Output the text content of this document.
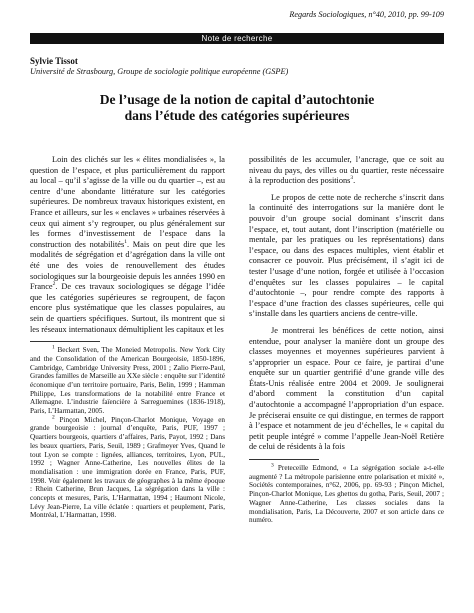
Regards Sociologiques, n°40, 2010, pp. 99-109
Note de recherche
Sylvie Tissot
Université de Strasbourg, Groupe de sociologie politique européenne (GSPE)
De l’usage de la notion de capital d’autochtonie
dans l’étude des catégories supérieures

Loin des clichés sur les « élites mondialisées », la question de l’espace, et plus particulièrement du rapport au local – qu’il s’agisse de la ville ou du quartier –, est au centre d’une abondante littérature sur les catégories supérieures. De nombreux travaux historiques existent, en France et ailleurs, sur les « enclaves » urbaines réservées à ceux qui aiment s’y regrouper, ou plus généralement sur les formes d’investissement de l’espace dans la construction des notabilités$^1$. Mais on peut dire que les modalités de ségrégation et d’agrégation dans la ville ont été une des voies de renouvellement des études sociologiques sur la bourgeoisie depuis les années 1990 en France$^2$. De ces travaux sociologiques se dégage l’idée que les catégories supérieures se regroupent, de façon encore plus systématique que les classes populaires, au sein de quartiers spécifiques. Surtout, ils montrent que si les réseaux internationaux démultiplient les capitaux et les

$^1$ Beckert Sven, The Moneied Metropolis. New York City and the Consolidation of the American Bourgeoisie, 1850-1896, Cambridge, Cambridge University Press, 2001 ; Zalio Pierre-Paul, Grandes familles de Marseille au XXe siècle : enquête sur l’identité économique d’un territoire portuaire, Paris, Belin, 1999 ; Hamman Philippe, Les transformations de la notabilité entre France et Allemagne. L’industrie faïencière à Sarreguemines (1836-1918), Paris, L’Harmattan, 2005.

$^2$ Pinçon Michel, Pinçon-Charlot Monique, Voyage en grande bourgeoisie : journal d’enquête, Paris, PUF, 1997 ; Quartiers bourgeois, quartiers d’affaires, Paris, Payot, 1992 ; Dans les beaux quartiers, Paris, Seuil, 1989 ; Grafmeyer Yves, Quand le tout Lyon se compte : lignées, alliances, territoires, Lyon, PUL, 1992 ; Wagner Anne-Catherine, Les nouvelles élites de la mondialisation : une immigration dorée en France, Paris, PUF, 1998. Voir également les travaux de géographes à la même époque : Rhein Catherine, Brun Jacques, La ségrégation dans la ville : concepts et mesures, Paris, L’Harmattan, 1994 ; Haumont Nicole, Lévy Jean-Pierre, La ville éclatée : quartiers et peuplement, Paris, Montréal, L’Harmattan, 1998.

possibilités de les accumuler, l’ancrage, que ce soit au niveau du pays, des villes ou du quartier, reste nécessaire à la reproduction des positions$^3$.

Le propos de cette note de recherche s’inscrit dans la continuité des interrogations sur la manière dont le pouvoir d’un groupe social dominant s’inscrit dans l’espace, et, tout autant, dont l’inscription (matérielle ou mentale, par les pratiques ou les représentations) dans l’espace, ou dans des espaces multiples, vient établir et consacrer ce pouvoir. Plus précisément, il s’agit ici de tester l’usage d’une notion, forgée et utilisée à l’occasion d’enquêtes sur les classes populaires – le capital d’autochtonie –, pour rendre compte des rapports à l’espace d’une fraction des classes supérieures, celle qui s’installe dans les quartiers anciens de centre-ville.

Je montrerai les bénéfices de cette notion, ainsi entendue, pour analyser la manière dont un groupe des classes moyennes et moyennes supérieures parvient à s’approprier un espace. Pour ce faire, je partirai d’une enquête sur un quartier gentrifié d’une grande ville des États-Unis réalisée entre 2004 et 2009. Je soulignerai d’abord comment la constitution d’un capital d’autochtonie a accompagné l’appropriation d’un espace. Je préciserai ensuite ce qui distingue, en termes de rapport à l’espace et notamment de jeu d’échelles, le « capital du petit peuple intégré » comme l’appelle Jean-Noël Retière de celui de résidents à la fois

$^3$ Preteceille Edmond, « La ségrégation sociale a-t-elle augmenté ? La métropole parisienne entre polarisation et mixité », Sociétés contemporaines, n°62, 2006, pp. 69-93 ; Pinçon Michel, Pinçon-Charlot Monique, Les ghettos du gotha, Paris, Seuil, 2007 ; Wagner Anne-Catherine, Les classes sociales dans la mondialisation, Paris, La Découverte, 2007 et son article dans ce numéro.
